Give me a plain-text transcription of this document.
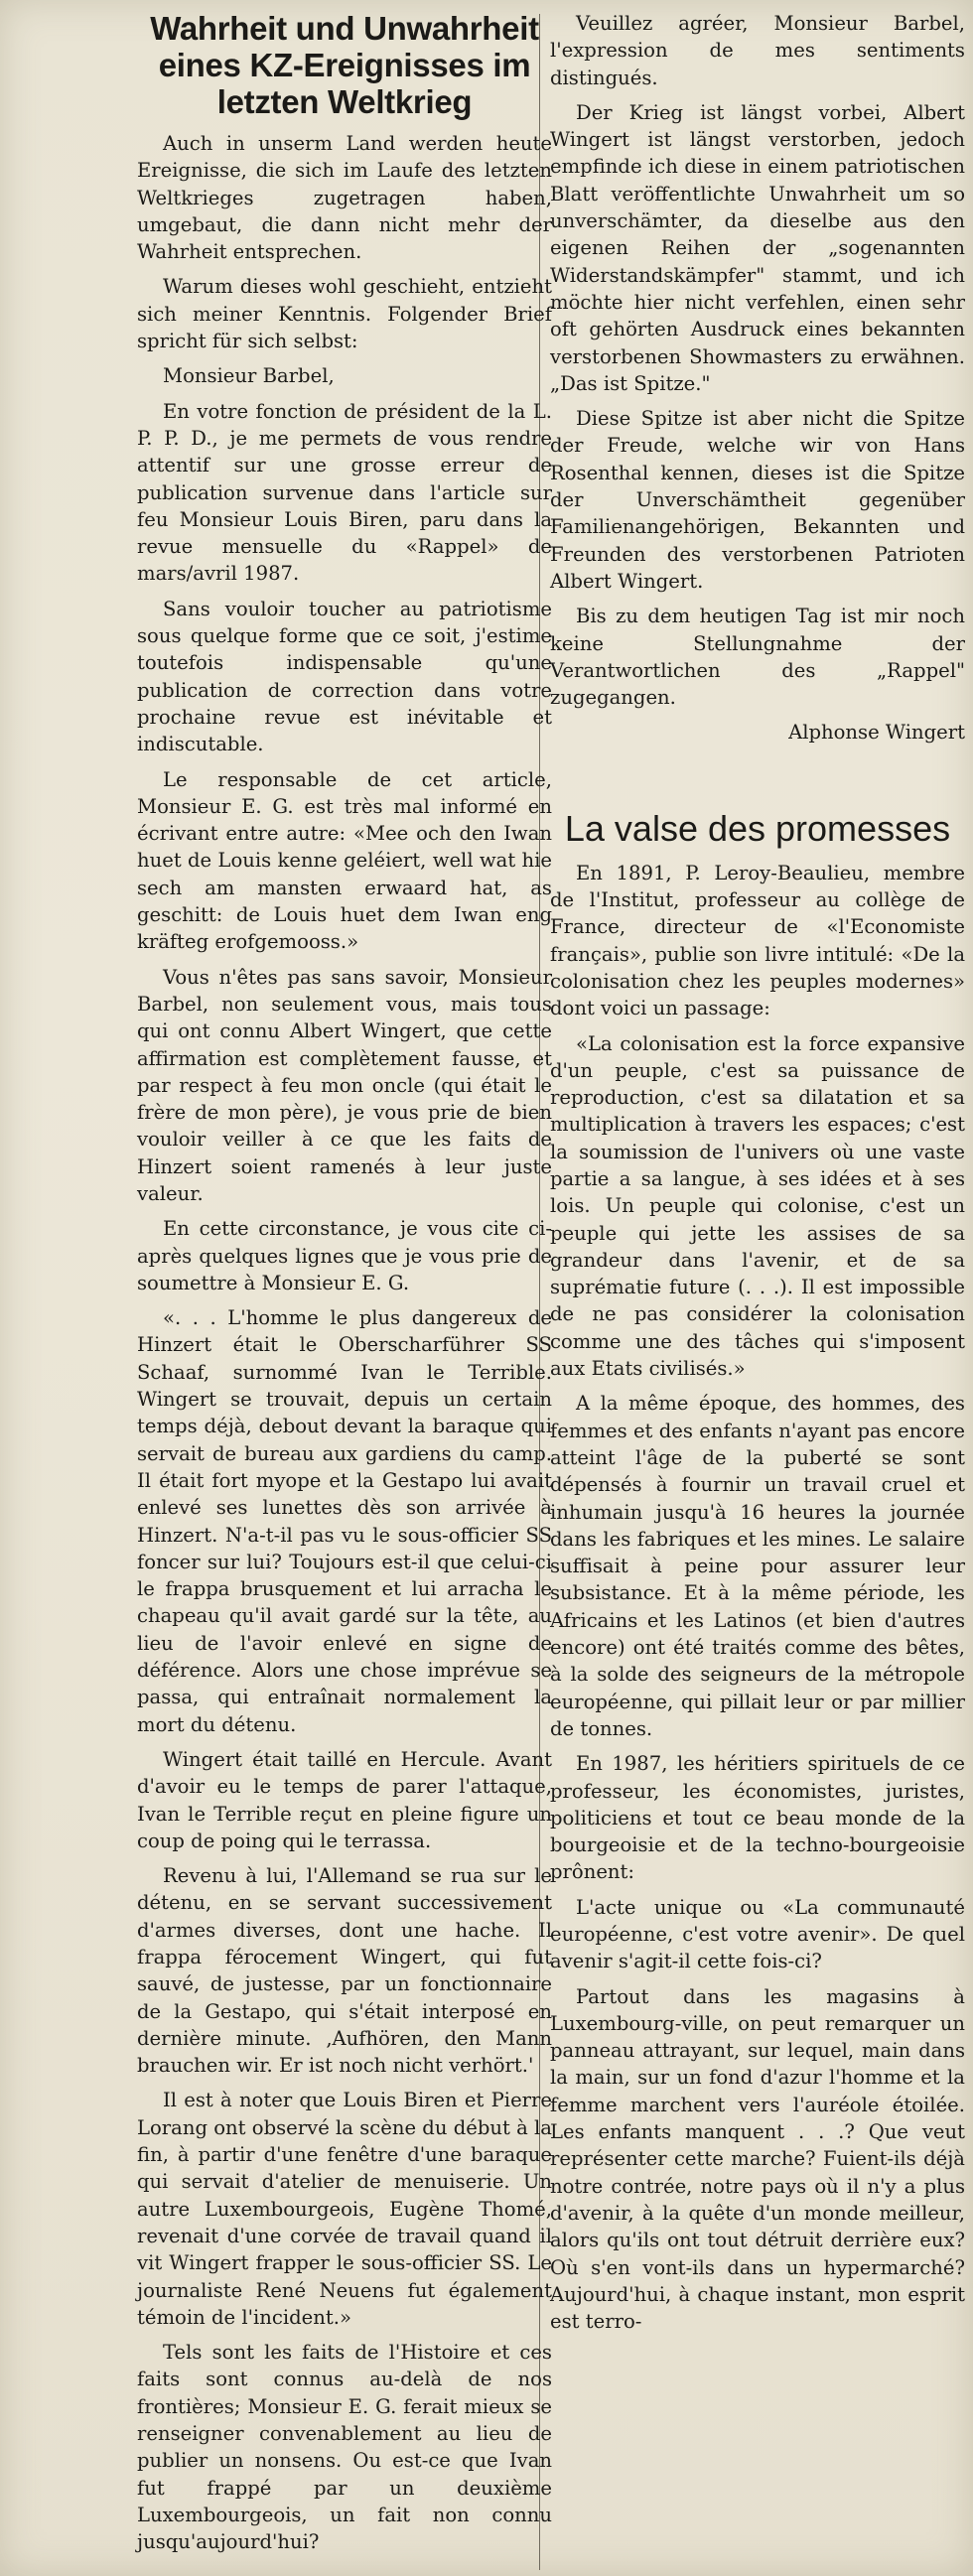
Wahrheit und Unwahrheit eines KZ-Ereignisses im letzten Weltkrieg

Auch in unserm Land werden heute Ereignisse, die sich im Laufe des letzten Weltkrieges zugetragen haben, umgebaut, die dann nicht mehr der Wahrheit entsprechen.

Warum dieses wohl geschieht, entzieht sich meiner Kenntnis. Folgender Brief spricht für sich selbst:

Monsieur Barbel,

En votre fonction de président de la L. P. P. D., je me permets de vous rendre attentif sur une grosse erreur de publication survenue dans l'article sur feu Monsieur Louis Biren, paru dans la revue mensuelle du «Rappel» de mars/avril 1987.

Sans vouloir toucher au patriotisme sous quelque forme que ce soit, j'estime toutefois indispensable qu'une publication de correction dans votre prochaine revue est inévitable et indiscutable.

Le responsable de cet article, Monsieur E. G. est très mal informé en écrivant entre autre: «Mee och den Iwan huet de Louis kenne geléiert, well wat hie sech am mansten erwaard hat, as geschitt: de Louis huet dem Iwan eng kräfteg erofgemooss.»

Vous n'êtes pas sans savoir, Monsieur Barbel, non seulement vous, mais tous qui ont connu Albert Wingert, que cette affirmation est complètement fausse, et par respect à feu mon oncle (qui était le frère de mon père), je vous prie de bien vouloir veiller à ce que les faits de Hinzert soient ramenés à leur juste valeur.

En cette circonstance, je vous cite ci-après quelques lignes que je vous prie de soumettre à Monsieur E. G.

«. . . L'homme le plus dangereux de Hinzert était le Oberscharführer SS Schaaf, surnommé Ivan le Terrible. Wingert se trouvait, depuis un certain temps déjà, debout devant la baraque qui servait de bureau aux gardiens du camp. Il était fort myope et la Gestapo lui avait enlevé ses lunettes dès son arrivée à Hinzert. N'a-t-il pas vu le sous-officier SS foncer sur lui? Toujours est-il que celui-ci le frappa brusquement et lui arracha le chapeau qu'il avait gardé sur la tête, au lieu de l'avoir enlevé en signe de déférence. Alors une chose imprévue se passa, qui entraînait normalement la mort du détenu.

Wingert était taillé en Hercule. Avant d'avoir eu le temps de parer l'attaque, Ivan le Terrible reçut en pleine figure un coup de poing qui le terrassa.

Revenu à lui, l'Allemand se rua sur le détenu, en se servant successivement d'armes diverses, dont une hache. Il frappa férocement Wingert, qui fut sauvé, de justesse, par un fonctionnaire de la Gestapo, qui s'était interposé en dernière minute. ‚Aufhören, den Mann brauchen wir. Er ist noch nicht verhört.'

Il est à noter que Louis Biren et Pierre Lorang ont observé la scène du début à la fin, à partir d'une fenêtre d'une baraque qui servait d'atelier de menuiserie. Un autre Luxembourgeois, Eugène Thomé, revenait d'une corvée de travail quand il vit Wingert frapper le sous-officier SS. Le journaliste René Neuens fut également témoin de l'incident.»

Tels sont les faits de l'Histoire et ces faits sont connus au-delà de nos frontières; Monsieur E. G. ferait mieux se renseigner convenablement au lieu de publier un nonsens. Ou est-ce que Ivan fut frappé par un deuxième Luxembourgeois, un fait non connu jusqu'aujourd'hui?

Veuillez agréer, Monsieur Barbel, l'expression de mes sentiments distingués.

Der Krieg ist längst vorbei, Albert Wingert ist längst verstorben, jedoch empfinde ich diese in einem patriotischen Blatt veröffentlichte Unwahrheit um so unverschämter, da dieselbe aus den eigenen Reihen der „sogenannten Widerstandskämpfer" stammt, und ich möchte hier nicht verfehlen, einen sehr oft gehörten Ausdruck eines bekannten verstorbenen Showmasters zu erwähnen. „Das ist Spitze."

Diese Spitze ist aber nicht die Spitze der Freude, welche wir von Hans Rosenthal kennen, dieses ist die Spitze der Unverschämtheit gegenüber Familienangehörigen, Bekannten und Freunden des verstorbenen Patrioten Albert Wingert.

Bis zu dem heutigen Tag ist mir noch keine Stellungnahme der Verantwortlichen des „Rappel" zugegangen.

Alphonse Wingert

La valse des promesses

En 1891, P. Leroy-Beaulieu, membre de l'Institut, professeur au collège de France, directeur de «l'Economiste français», publie son livre intitulé: «De la colonisation chez les peuples modernes» dont voici un passage:

«La colonisation est la force expansive d'un peuple, c'est sa puissance de reproduction, c'est sa dilatation et sa multiplication à travers les espaces; c'est la soumission de l'univers où une vaste partie a sa langue, à ses idées et à ses lois. Un peuple qui colonise, c'est un peuple qui jette les assises de sa grandeur dans l'avenir, et de sa suprématie future (. . .). Il est impossible de ne pas considérer la colonisation comme une des tâches qui s'imposent aux Etats civilisés.»

A la même époque, des hommes, des femmes et des enfants n'ayant pas encore atteint l'âge de la puberté se sont dépensés à fournir un travail cruel et inhumain jusqu'à 16 heures la journée dans les fabriques et les mines. Le salaire suffisait à peine pour assurer leur subsistance. Et à la même période, les Africains et les Latinos (et bien d'autres encore) ont été traités comme des bêtes, à la solde des seigneurs de la métropole européenne, qui pillait leur or par millier de tonnes.

En 1987, les héritiers spirituels de ce professeur, les économistes, juristes, politiciens et tout ce beau monde de la bourgeoisie et de la techno-bourgeoisie prônent:

L'acte unique ou «La communauté européenne, c'est votre avenir». De quel avenir s'agit-il cette fois-ci?

Partout dans les magasins à Luxembourg-ville, on peut remarquer un panneau attrayant, sur lequel, main dans la main, sur un fond d'azur l'homme et la femme marchent vers l'auréole étoilée. Les enfants manquent . . .? Que veut représenter cette marche? Fuient-ils déjà notre contrée, notre pays où il n'y a plus d'avenir, à la quête d'un monde meilleur, alors qu'ils ont tout détruit derrière eux? Où s'en vont-ils dans un hypermarché? Aujourd'hui, à chaque instant, mon esprit est terro-
